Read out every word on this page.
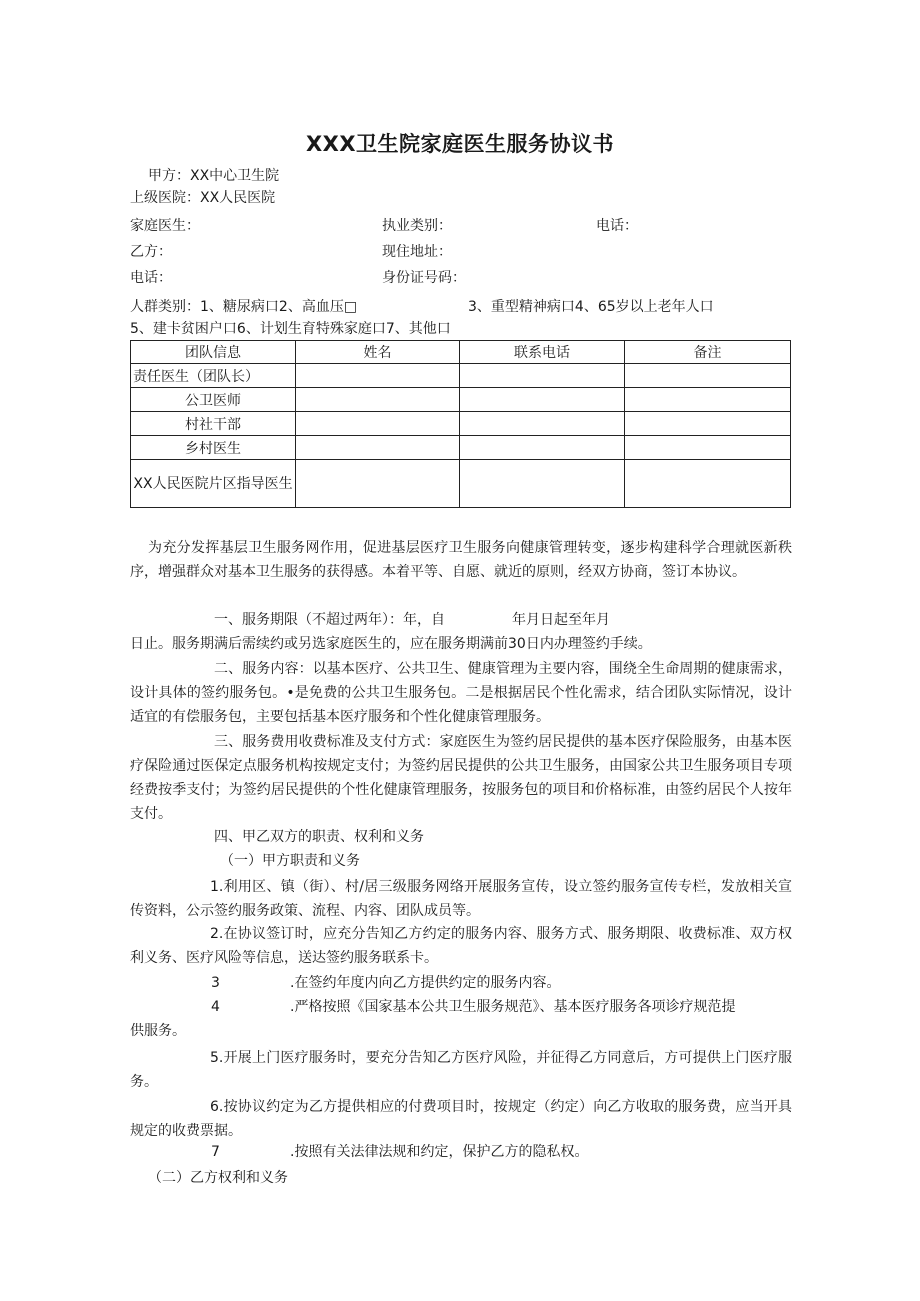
XXX卫生院家庭医生服务协议书
甲方：XX中心卫生院
上级医院：XX人民医院
家庭医生：	执业类别：	电话：
乙方：	现住地址：
电话：	身份证号码：
人群类别：1、糖尿病口2、高血压□	3、重型精神病口4、65岁以上老年人口
5、建卡贫困户口6、计划生育特殊家庭口7、其他口
团队信息	姓名	联系电话	备注
责任医生（团队长）			
公卫医师			
村社干部			
乡村医生			
XX人民医院片区指导医生			
为充分发挥基层卫生服务网作用，促进基层医疗卫生服务向健康管理转变，逐步构建科学合理就医新秩序，增强群众对基本卫生服务的获得感。本着平等、自愿、就近的原则，经双方协商，签订本协议。
一、服务期限（不超过两年）：年，自	年月日起至年月
日止。服务期满后需续约或另选家庭医生的，应在服务期满前30日内办理签约手续。
二、服务内容：以基本医疗、公共卫生、健康管理为主要内容，围绕全生命周期的健康需求，设计具体的签约服务包。•是免费的公共卫生服务包。二是根据居民个性化需求，结合团队实际情况，设计适宜的有偿服务包，主要包括基本医疗服务和个性化健康管理服务。
三、服务费用收费标准及支付方式：家庭医生为签约居民提供的基本医疗保险服务，由基本医疗保险通过医保定点服务机构按规定支付；为签约居民提供的公共卫生服务，由国家公共卫生服务项目专项经费按季支付；为签约居民提供的个性化健康管理服务，按服务包的项目和价格标准，由签约居民个人按年支付。
四、甲乙双方的职责、权利和义务
（一）甲方职责和义务
1.利用区、镇（街）、村/居三级服务网络开展服务宣传，设立签约服务宣传专栏，发放相关宣传资料，公示签约服务政策、流程、内容、团队成员等。
2.在协议签订时，应充分告知乙方约定的服务内容、服务方式、服务期限、收费标准、双方权利义务、医疗风险等信息，送达签约服务联系卡。
3	.在签约年度内向乙方提供约定的服务内容。
4	.严格按照《国家基本公共卫生服务规范》、基本医疗服务各项诊疗规范提
供服务。
5.开展上门医疗服务时，要充分告知乙方医疗风险，并征得乙方同意后，方可提供上门医疗服务。
6.按协议约定为乙方提供相应的付费项目时，按规定（约定）向乙方收取的服务费，应当开具规定的收费票据。
7	.按照有关法律法规和约定，保护乙方的隐私权。
（二）乙方权利和义务
